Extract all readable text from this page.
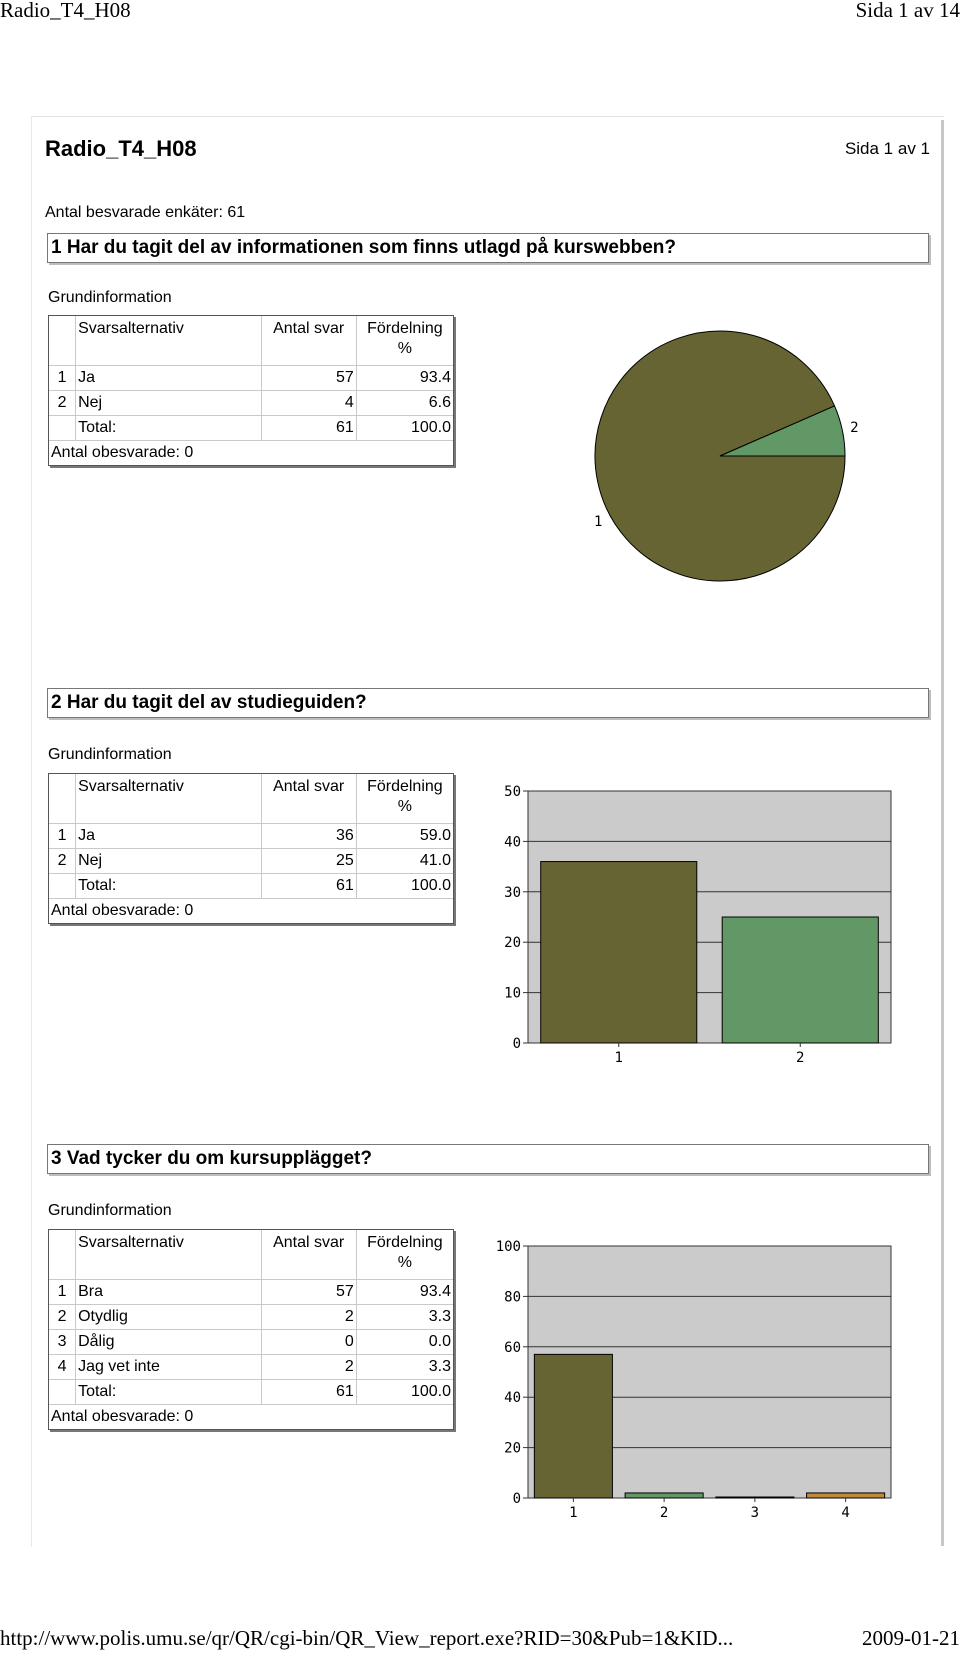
Radio_T4_H08	Sida 1 av 14
Radio_T4_H08	Sida 1 av 1
Antal besvarade enkäter: 61
1 Har du tagit del av informationen som finns utlagd på kurswebben?
Grundinformation
	Svarsalternativ	Antal svar	Fördelning %
1	Ja	57	93.4
2	Nej	4	6.6
	Total:	61	100.0
Antal obesvarade: 0			
2
1
2 Har du tagit del av studieguiden?
Grundinformation
	Svarsalternativ	Antal svar	Fördelning %
1	Ja	36	59.0
2	Nej	25	41.0
	Total:	61	100.0
Antal obesvarade: 0			
0
10
20
30
40
50
1	2
3 Vad tycker du om kursupplägget?
Grundinformation
	Svarsalternativ	Antal svar	Fördelning %
1	Bra	57	93.4
2	Otydlig	2	3.3
3	Dålig	0	0.0
4	Jag vet inte	2	3.3
	Total:	61	100.0
Antal obesvarade: 0			
0
20
40
60
80
100
1	2	3	4
http://www.polis.umu.se/qr/QR/cgi-bin/QR_View_report.exe?RID=30&Pub=1&KID...	2009-01-21
